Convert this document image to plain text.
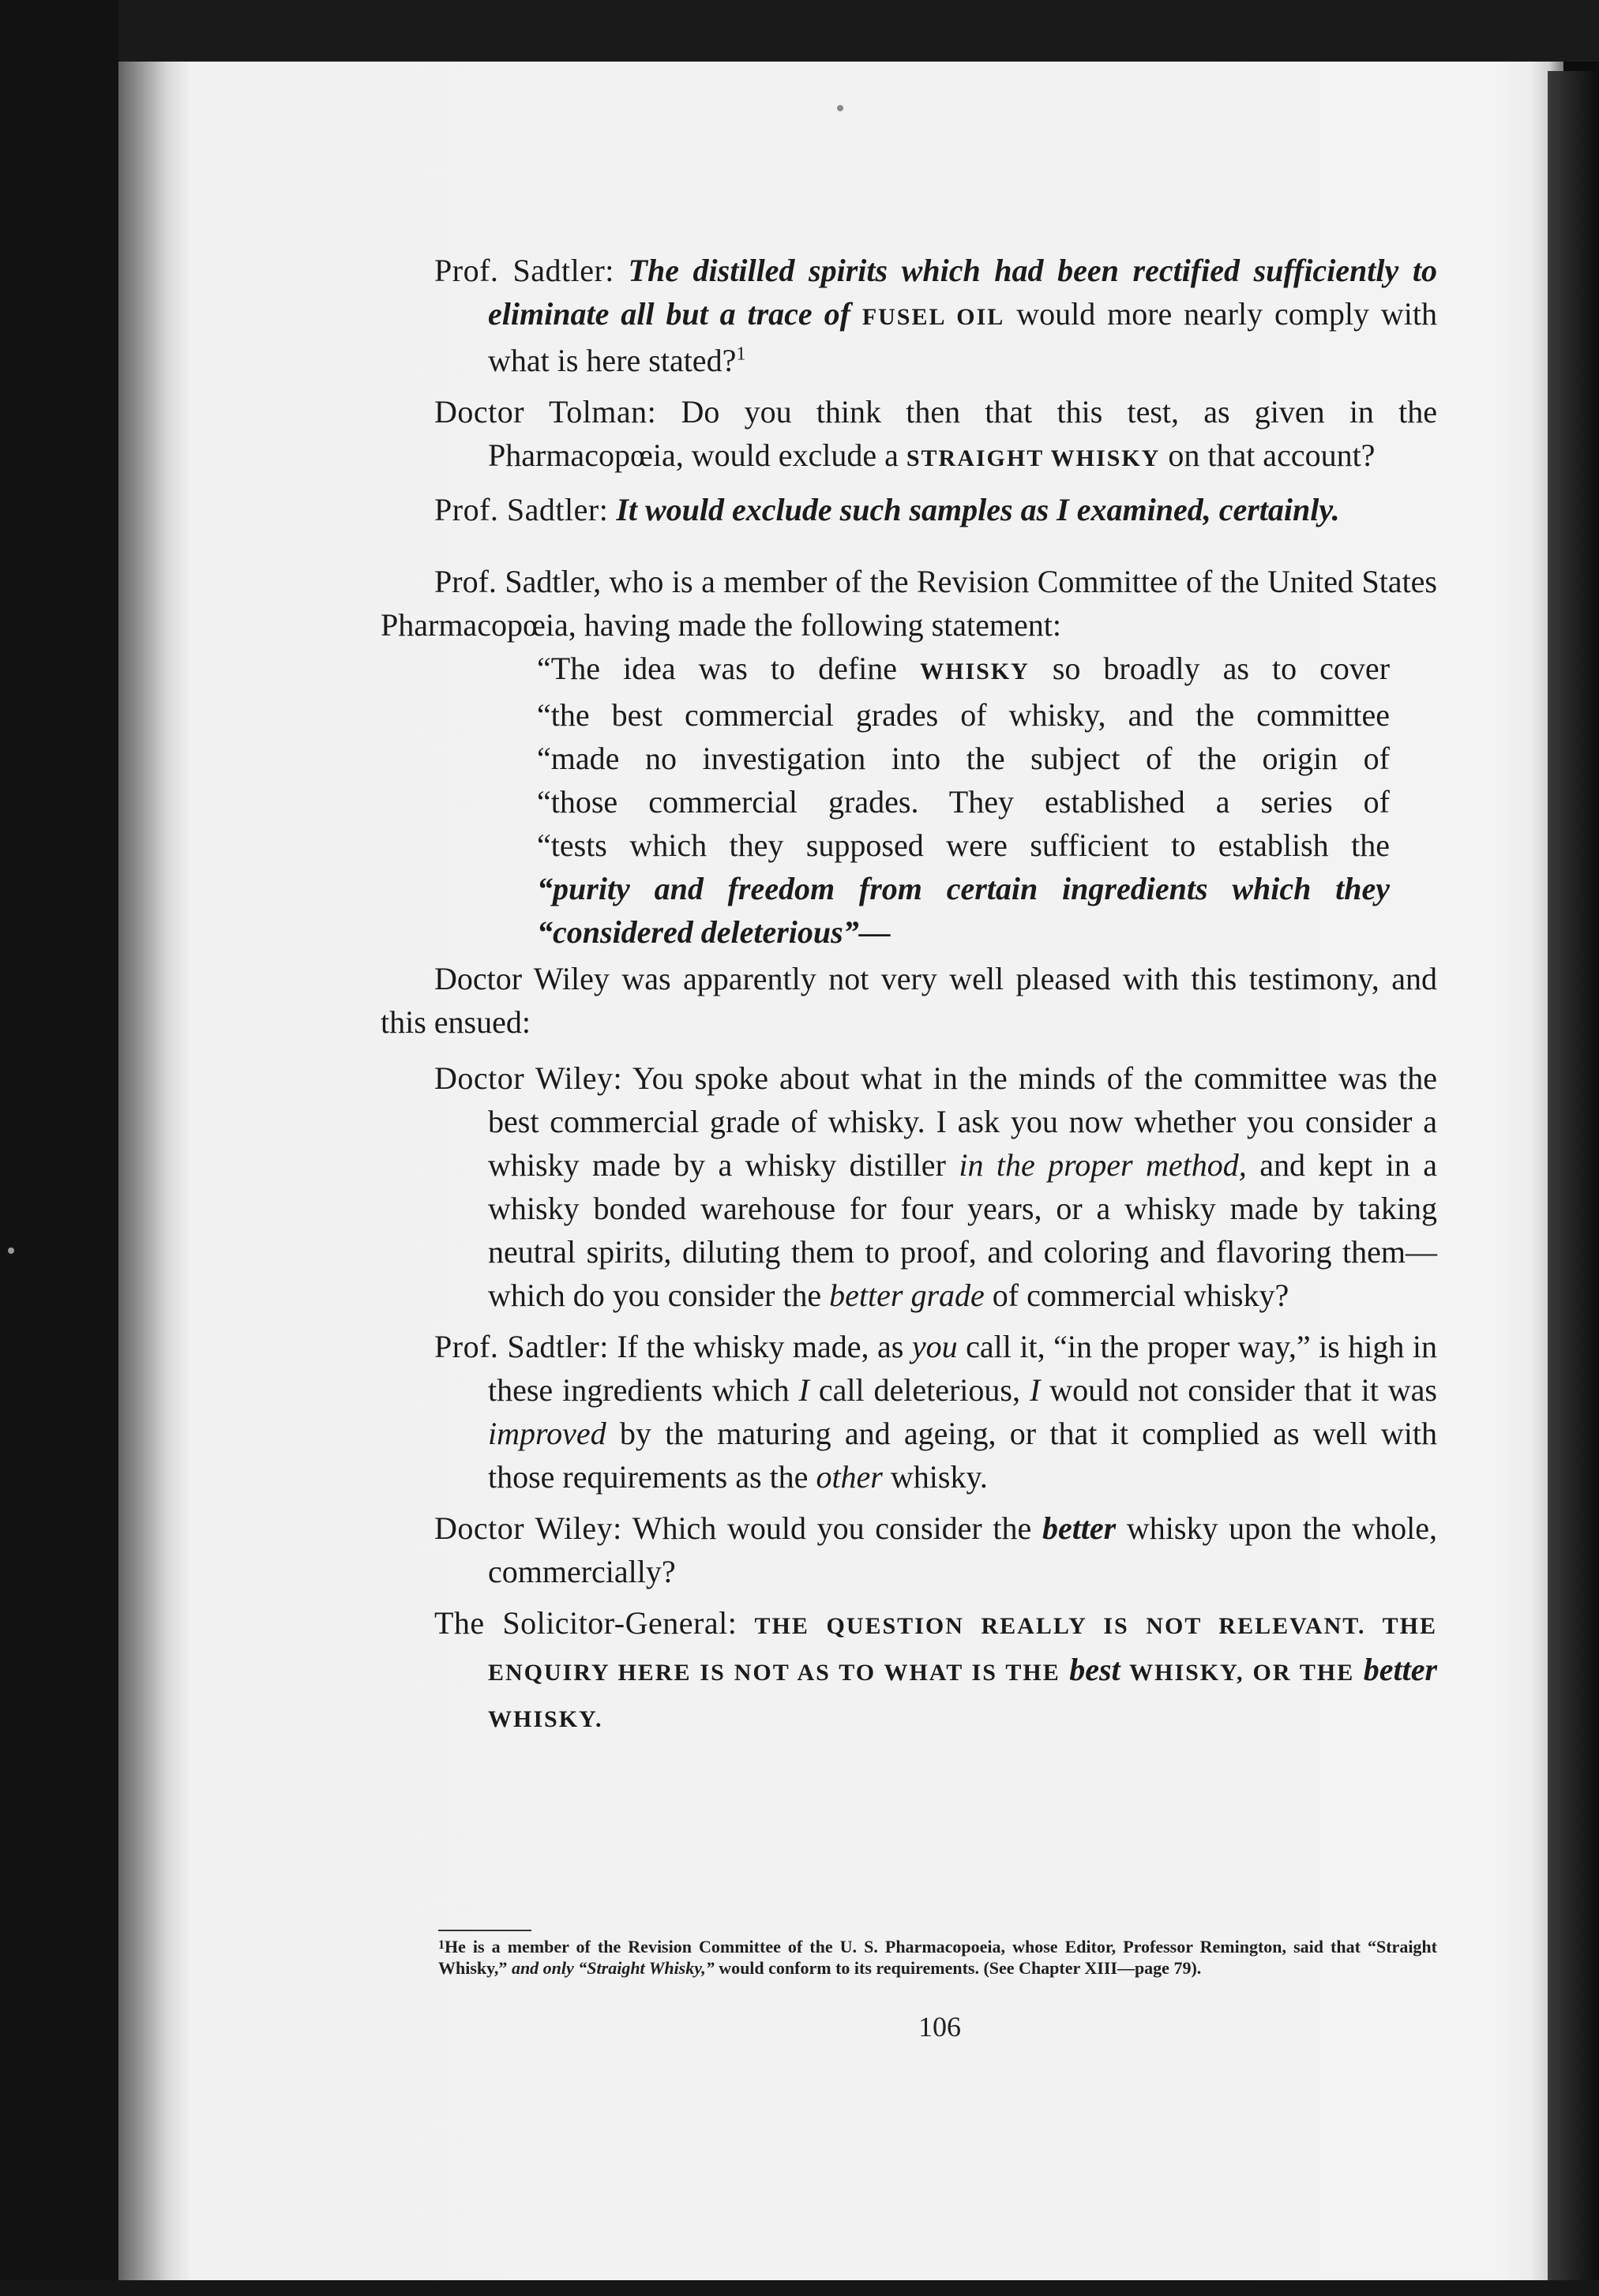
Prof. Sadtler: The distilled spirits which had been rectified sufficiently to eliminate all but a trace of FUSEL OIL would more nearly comply with what is here stated?$^1$

Doctor Tolman: Do you think then that this test, as given in the Pharmacopœia, would exclude a STRAIGHT WHISKY on that account?

Prof. Sadtler: It would exclude such samples as I examined, certainly.

Prof. Sadtler, who is a member of the Revision Committee of the United States Pharmacopœia, having made the following statement:

“The idea was to define WHISKY so broadly as to cover
“the best commercial grades of whisky, and the committee
“made no investigation into the subject of the origin of
“those commercial grades. They established a series of
“tests which they supposed were sufficient to establish the
“purity and freedom from certain ingredients which they
“considered deleterious”—

Doctor Wiley was apparently not very well pleased with this testimony, and this ensued:

Doctor Wiley: You spoke about what in the minds of the committee was the best commercial grade of whisky. I ask you now whether you consider a whisky made by a whisky distiller in the proper method, and kept in a whisky bonded warehouse for four years, or a whisky made by taking neutral spirits, diluting them to proof, and coloring and flavoring them—which do you consider the better grade of commercial whisky?

Prof. Sadtler: If the whisky made, as you call it, “in the proper way,” is high in these ingredients which I call deleterious, I would not consider that it was improved by the maturing and ageing, or that it complied as well with those requirements as the other whisky.

Doctor Wiley: Which would you consider the better whisky upon the whole, commercially?

The Solicitor-General: THE QUESTION REALLY IS NOT RELEVANT. THE ENQUIRY HERE IS NOT AS TO WHAT IS THE best WHISKY, OR THE better WHISKY.

$^1$He is a member of the Revision Committee of the U. S. Pharmacopoeia, whose Editor, Professor Remington, said that “Straight Whisky,” and only “Straight Whisky,” would conform to its requirements. (See Chapter XIII—page 79).
106
